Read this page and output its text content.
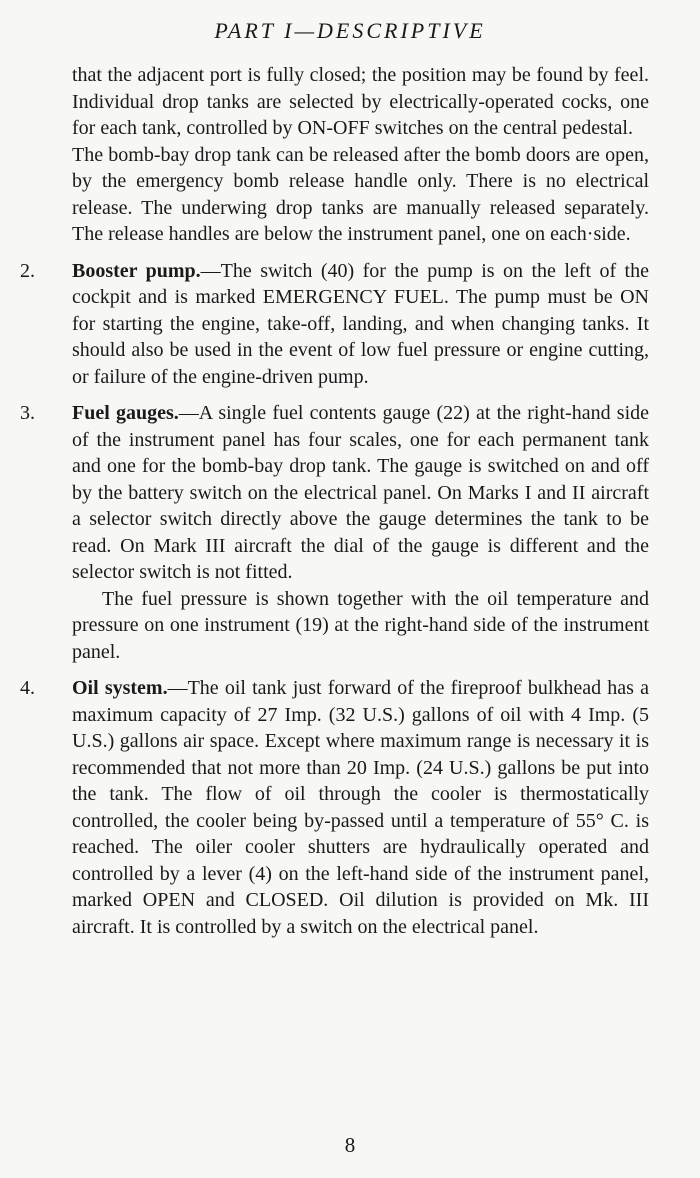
PART I—DESCRIPTIVE

that the adjacent port is fully closed; the position may be found by feel. Individual drop tanks are selected by electrically-operated cocks, one for each tank, controlled by ON-OFF switches on the central pedestal.

The bomb-bay drop tank can be released after the bomb doors are open, by the emergency bomb release handle only. There is no electrical release. The underwing drop tanks are manually released separately. The release handles are below the instrument panel, one on each·side.

2.	Booster pump.—The switch (40) for the pump is on the left of the cockpit and is marked EMERGENCY FUEL. The pump must be ON for starting the engine, take-off, landing, and when changing tanks. It should also be used in the event of low fuel pressure or engine cutting, or failure of the engine-driven pump.
3.	Fuel gauges.—A single fuel contents gauge (22) at the right-hand side of the instrument panel has four scales, one for each permanent tank and one for the bomb-bay drop tank. The gauge is switched on and off by the battery switch on the electrical panel. On Marks I and II aircraft a selector switch directly above the gauge determines the tank to be read. On Mark III aircraft the dial of the gauge is different and the selector switch is not fitted.
The fuel pressure is shown together with the oil temperature and pressure on one instrument (19) at the right-hand side of the instrument panel.
4.	Oil system.—The oil tank just forward of the fireproof bulkhead has a maximum capacity of 27 Imp. (32 U.S.) gallons of oil with 4 Imp. (5 U.S.) gallons air space. Except where maximum range is necessary it is recommended that not more than 20 Imp. (24 U.S.) gallons be put into the tank. The flow of oil through the cooler is thermostatically controlled, the cooler being by-passed until a temperature of 55° C. is reached. The oiler cooler shutters are hydraulically operated and controlled by a lever (4) on the left-hand side of the instrument panel, marked OPEN and CLOSED. Oil dilution is provided on Mk. III aircraft. It is controlled by a switch on the electrical panel.
8
